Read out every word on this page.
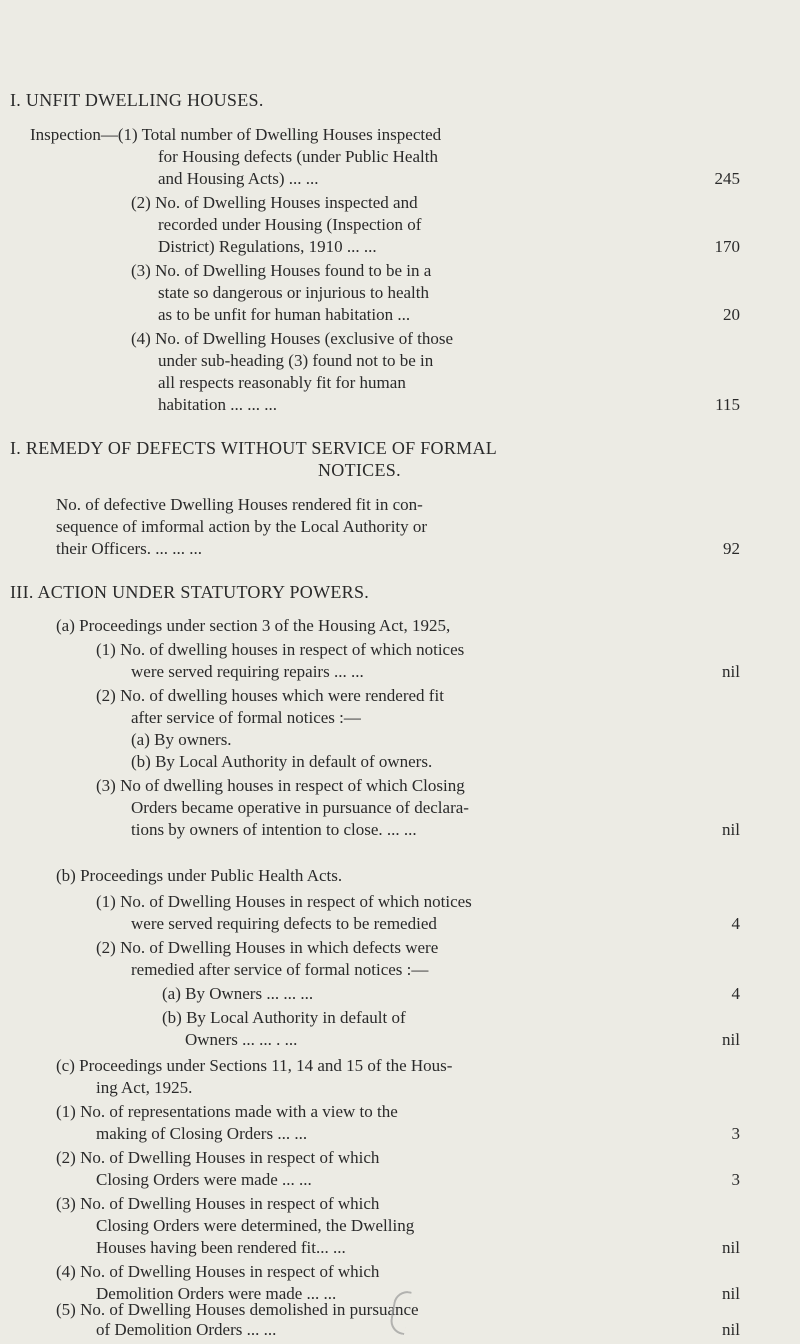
I. UNFIT DWELLING HOUSES.
Inspection—(1) Total number of Dwelling Houses inspected
for Housing defects (under Public Health
and Housing Acts) ... ...	245
(2) No. of Dwelling Houses inspected and
recorded under Housing (Inspection of
District) Regulations, 1910 ... ...	170
(3) No. of Dwelling Houses found to be in a
state so dangerous or injurious to health
as to be unfit for human habitation ...	20
(4) No. of Dwelling Houses (exclusive of those
under sub-heading (3) found not to be in
all respects reasonably fit for human
habitation ... ... ...	115
I. REMEDY OF DEFECTS WITHOUT SERVICE OF FORMAL
NOTICES.
No. of defective Dwelling Houses rendered fit in con-
sequence of imformal action by the Local Authority or
their Officers. ... ... ...	92
III. ACTION UNDER STATUTORY POWERS.
(a) Proceedings under section 3 of the Housing Act, 1925,
(1) No. of dwelling houses in respect of which notices
were served requiring repairs ... ...	nil
(2) No. of dwelling houses which were rendered fit
after service of formal notices :—
(a) By owners.
(b) By Local Authority in default of owners.
(3) No of dwelling houses in respect of which Closing
Orders became operative in pursuance of declara-
tions by owners of intention to close. ... ...	nil
(b) Proceedings under Public Health Acts.
(1) No. of Dwelling Houses in respect of which notices
were served requiring defects to be remedied	4
(2) No. of Dwelling Houses in which defects were
remedied after service of formal notices :—
(a) By Owners ... ... ...	4
(b) By Local Authority in default of
Owners ... ... . ...	nil
(c) Proceedings under Sections 11, 14 and 15 of the Hous-
ing Act, 1925.
(1) No. of representations made with a view to the
making of Closing Orders ... ...	3
(2) No. of Dwelling Houses in respect of which
Closing Orders were made ... ...	3
(3) No. of Dwelling Houses in respect of which
Closing Orders were determined, the Dwelling
Houses having been rendered fit... ...	nil
(4) No. of Dwelling Houses in respect of which
Demolition Orders were made ... ...	nil
(5) No. of Dwelling Houses demolished in pursuance
of Demolition Orders ... ...	nil
